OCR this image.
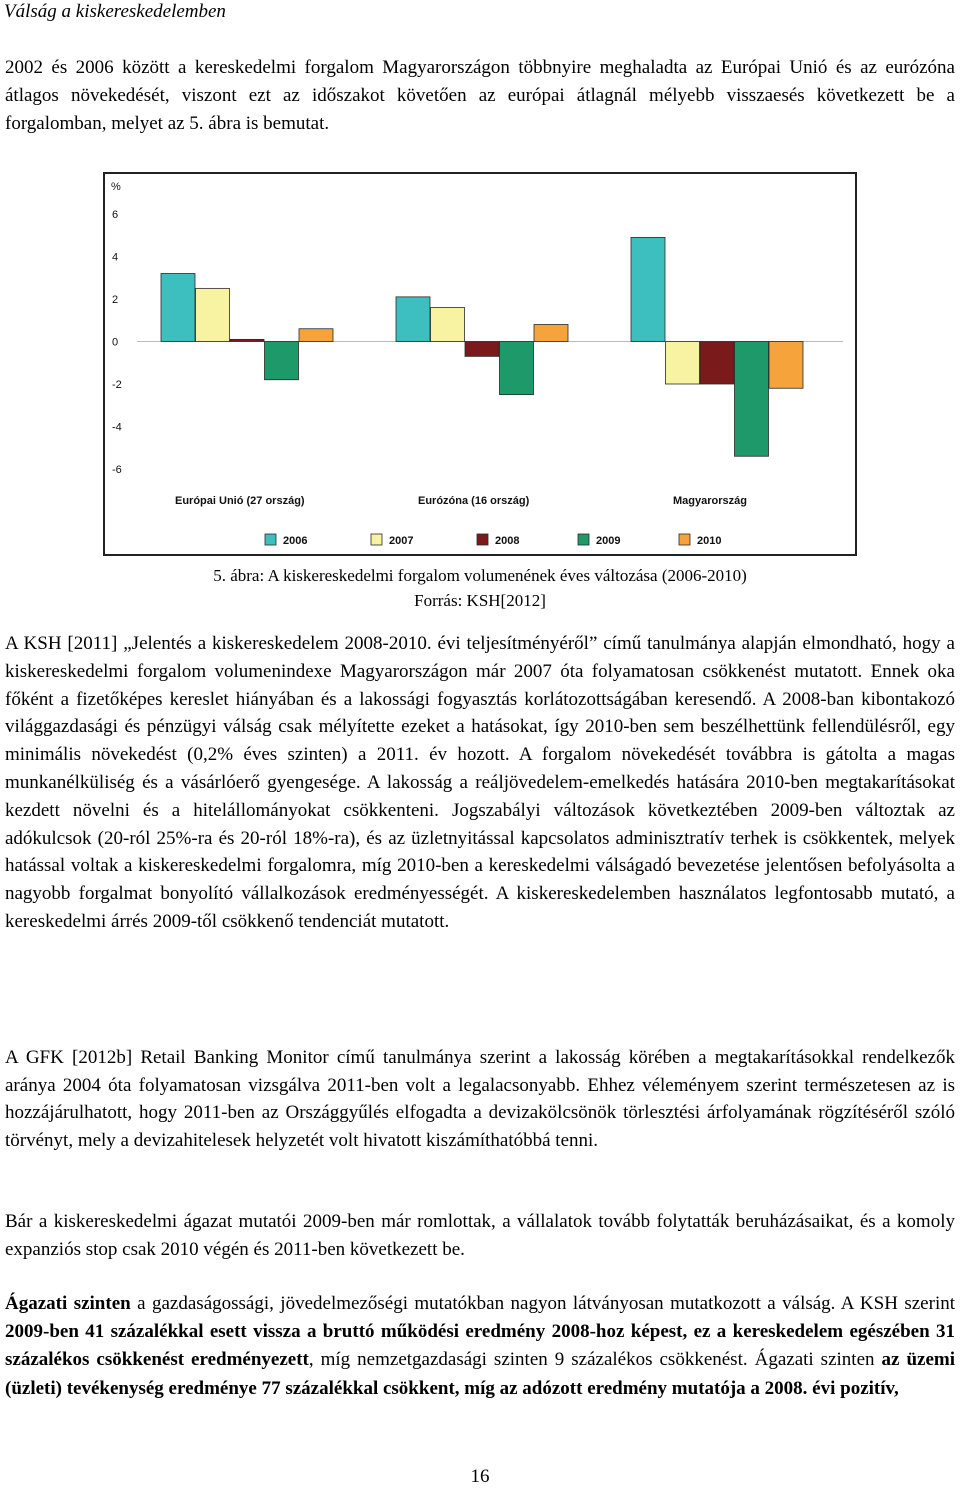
Válság a kiskereskedelemben

2002 és 2006 között a kereskedelmi forgalom Magyarországon többnyire meghaladta az Európai Unió és az eurózóna átlagos növekedését, viszont ezt az időszakot követően az európai átlagnál mélyebb visszaesés következett be a forgalomban, melyet az 5. ábra is bemutat.

%
6
4
2
0
-2
-4
-6
Európai Unió (27 ország)	Eurózóna (16 ország)	Magyarország
2006	2007	2008	2009	2010
5. ábra: A kiskereskedelmi forgalom volumenének éves változása (2006-2010)
Forrás: KSH[2012]

A KSH [2011] „Jelentés a kiskereskedelem 2008-2010. évi teljesítményéről” című tanulmánya alapján elmondható, hogy a kiskereskedelmi forgalom volumenindexe Magyarországon már 2007 óta folyamatosan csökkenést mutatott. Ennek oka főként a fizetőképes kereslet hiányában és a lakossági fogyasztás korlátozottságában keresendő. A 2008-ban kibontakozó világgazdasági és pénzügyi válság csak mélyítette ezeket a hatásokat, így 2010-ben sem beszélhettünk fellendülésről, egy minimális növekedést (0,2% éves szinten) a 2011. év hozott. A forgalom növekedését továbbra is gátolta a magas munkanélküliség és a vásárlóerő gyengesége. A lakosság a reáljövedelem-emelkedés hatására 2010-ben megtakarításokat kezdett növelni és a hitelállományokat csökkenteni. Jogszabályi változások következtében 2009-ben változtak az adókulcsok (20-ról 25%-ra és 20-ról 18%-ra), és az üzletnyitással kapcsolatos adminisztratív terhek is csökkentek, melyek hatással voltak a kiskereskedelmi forgalomra, míg 2010-ben a kereskedelmi válságadó bevezetése jelentősen befolyásolta a nagyobb forgalmat bonyolító vállalkozások eredményességét. A kiskereskedelemben használatos legfontosabb mutató, a kereskedelmi árrés 2009-től csökkenő tendenciát mutatott.

A GFK [2012b] Retail Banking Monitor című tanulmánya szerint a lakosság körében a megtakarításokkal rendelkezők aránya 2004 óta folyamatosan vizsgálva 2011-ben volt a legalacsonyabb. Ehhez véleményem szerint természetesen az is hozzájárulhatott, hogy 2011-ben az Országgyűlés elfogadta a devizakölcsönök törlesztési árfolyamának rögzítéséről szóló törvényt, mely a devizahitelesek helyzetét volt hivatott kiszámíthatóbbá tenni.

Bár a kiskereskedelmi ágazat mutatói 2009-ben már romlottak, a vállalatok tovább folytatták beruházásaikat, és a komoly expanziós stop csak 2010 végén és 2011-ben következett be.

Ágazati szinten a gazdaságossági, jövedelmezőségi mutatókban nagyon látványosan mutatkozott a válság. A KSH szerint 2009-ben 41 százalékkal esett vissza a bruttó működési eredmény 2008-hoz képest, ez a kereskedelem egészében 31 százalékos csökkenést eredményezett, míg nemzetgazdasági szinten 9 százalékos csökkenést. Ágazati szinten az üzemi (üzleti) tevékenység eredménye 77 százalékkal csökkent, míg az adózott eredmény mutatója a 2008. évi pozitív,

16
